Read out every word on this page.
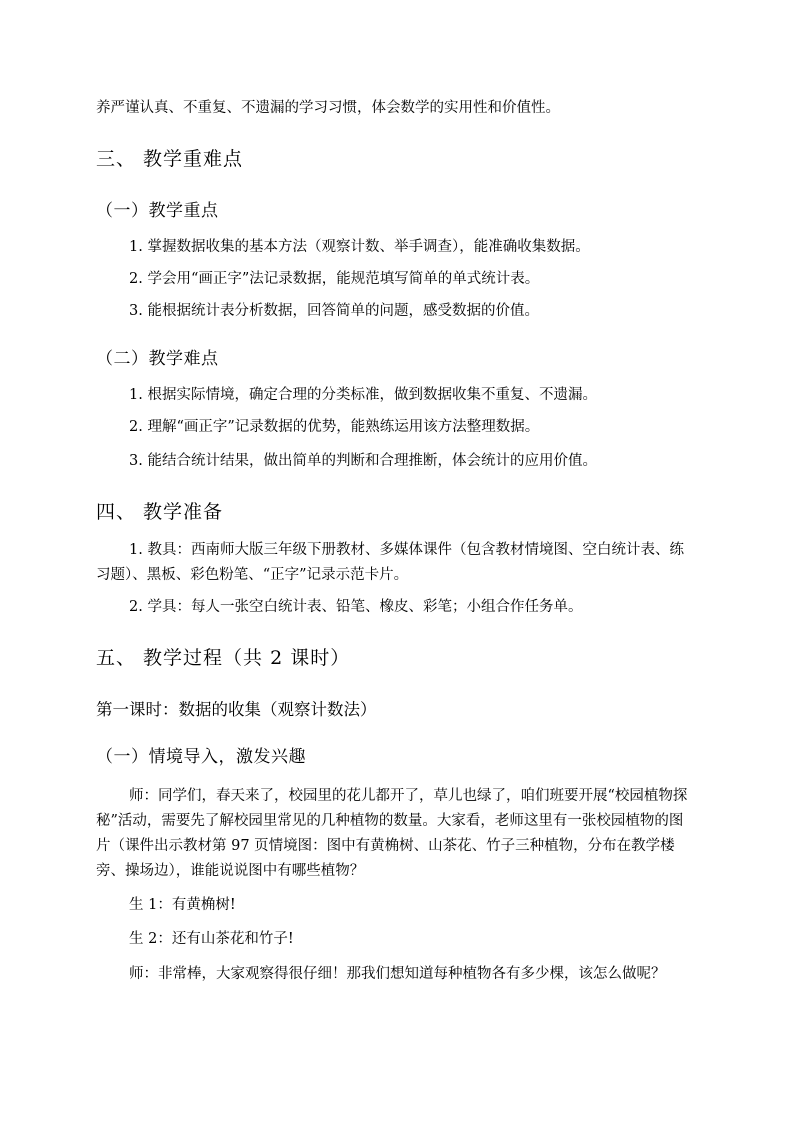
养严谨认真、不重复、不遗漏的学习习惯，体会数学的实用性和价值性。

三、 教学重难点
（一）教学重点

1. 掌握数据收集的基本方法（观察计数、举手调查），能准确收集数据。

2. 学会用“画正字”法记录数据，能规范填写简单的单式统计表。

3. 能根据统计表分析数据，回答简单的问题，感受数据的价值。

（二）教学难点

1. 根据实际情境，确定合理的分类标准，做到数据收集不重复、不遗漏。

2. 理解“画正字”记录数据的优势，能熟练运用该方法整理数据。

3. 能结合统计结果，做出简单的判断和合理推断，体会统计的应用价值。

四、 教学准备

1. 教具：西南师大版三年级下册教材、多媒体课件（包含教材情境图、空白统计表、练习题）、黑板、彩色粉笔、“正字”记录示范卡片。

2. 学具：每人一张空白统计表、铅笔、橡皮、彩笔；小组合作任务单。

五、 教学过程（共 2 课时）
第一课时：数据的收集（观察计数法）
（一）情境导入，激发兴趣

师：同学们，春天来了，校园里的花儿都开了，草儿也绿了，咱们班要开展“校园植物探秘”活动，需要先了解校园里常见的几种植物的数量。大家看，老师这里有一张校园植物的图片（课件出示教材第 97 页情境图：图中有黄桷树、山茶花、竹子三种植物，分布在教学楼旁、操场边），谁能说说图中有哪些植物？

生 1：有黄桷树!

生 2：还有山茶花和竹子!

师：非常棒，大家观察得很仔细！那我们想知道每种植物各有多少棵，该怎么做呢？
